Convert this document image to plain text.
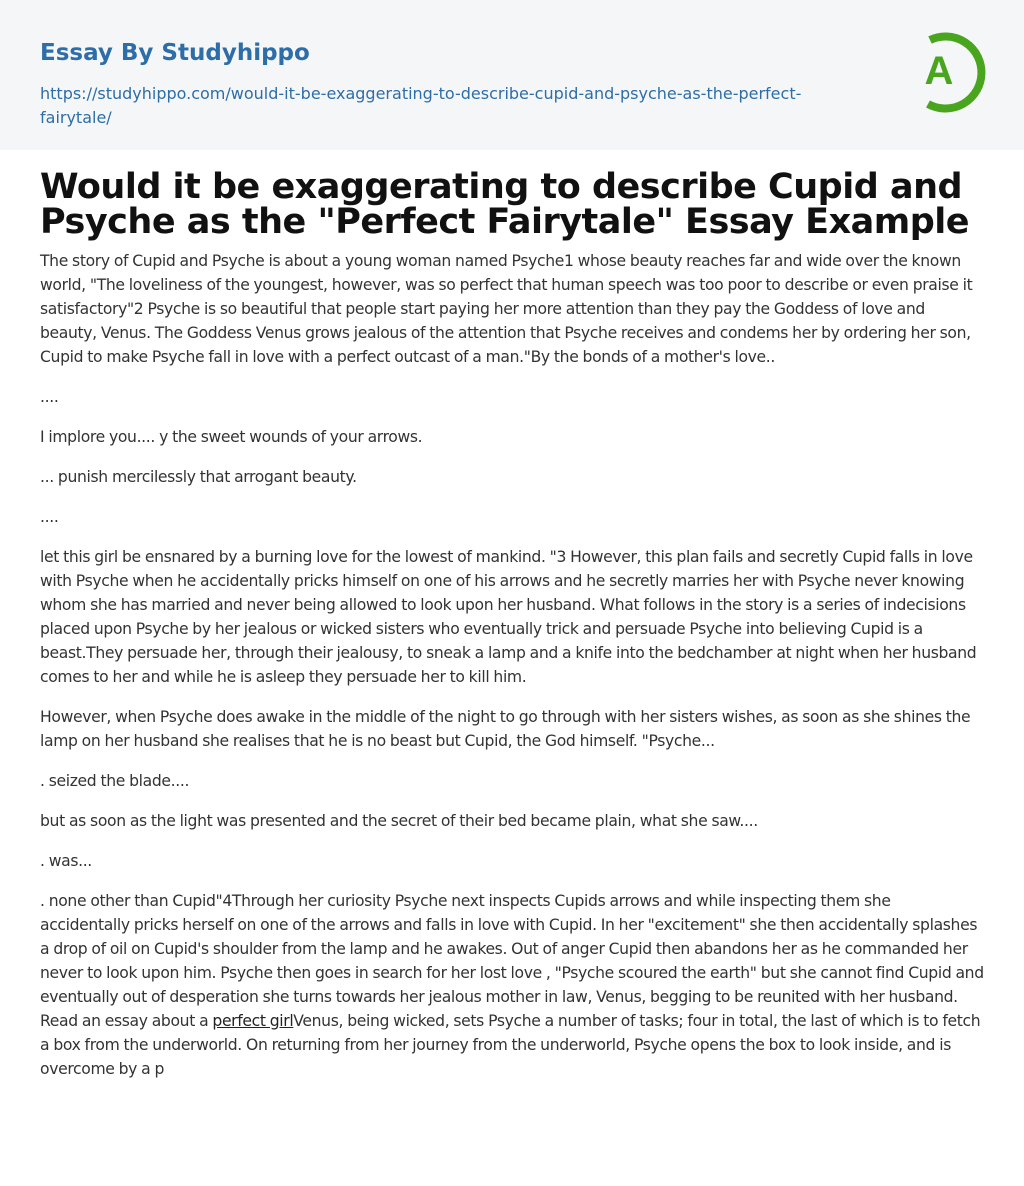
Essay By Studyhippo
https://studyhippo.com/would-it-be-exaggerating-to-describe-cupid-and-psyche-as-the-perfect-fairytale/
A
Would it be exaggerating to describe Cupid and Psyche as the "Perfect Fairytale" Essay Example

The story of Cupid and Psyche is about a young woman named Psyche1 whose beauty reaches far and wide over the known world, "The loveliness of the youngest, however, was so perfect that human speech was too poor to describe or even praise it satisfactory"2 Psyche is so beautiful that people start paying her more attention than they pay the Goddess of love and beauty, Venus. The Goddess Venus grows jealous of the attention that Psyche receives and condems her by ordering her son, Cupid to make Psyche fall in love with a perfect outcast of a man."By the bonds of a mother's love..

....

I implore you.... y the sweet wounds of your arrows.

... punish mercilessly that arrogant beauty.

....

let this girl be ensnared by a burning love for the lowest of mankind. "3 However, this plan fails and secretly Cupid falls in love with Psyche when he accidentally pricks himself on one of his arrows and he secretly marries her with Psyche never knowing whom she has married and never being allowed to look upon her husband. What follows in the story is a series of indecisions placed upon Psyche by her jealous or wicked sisters who eventually trick and persuade Psyche into believing Cupid is a beast.They persuade her, through their jealousy, to sneak a lamp and a knife into the bedchamber at night when her husband comes to her and while he is asleep they persuade her to kill him.

However, when Psyche does awake in the middle of the night to go through with her sisters wishes, as soon as she shines the lamp on her husband she realises that he is no beast but Cupid, the God himself. "Psyche...

. seized the blade....

but as soon as the light was presented and the secret of their bed became plain, what she saw....

. was...

. none other than Cupid"4Through her curiosity Psyche next inspects Cupids arrows and while inspecting them she accidentally pricks herself on one of the arrows and falls in love with Cupid. In her "excitement" she then accidentally splashes a drop of oil on Cupid's shoulder from the lamp and he awakes. Out of anger Cupid then abandons her as he commanded her never to look upon him. Psyche then goes in search for her lost love , "Psyche scoured the earth" but she cannot find Cupid and eventually out of desperation she turns towards her jealous mother in law, Venus, begging to be reunited with her husband. Read an essay about a perfect girlVenus, being wicked, sets Psyche a number of tasks; four in total, the last of which is to fetch a box from the underworld. On returning from her journey from the underworld, Psyche opens the box to look inside, and is overcome by a p
